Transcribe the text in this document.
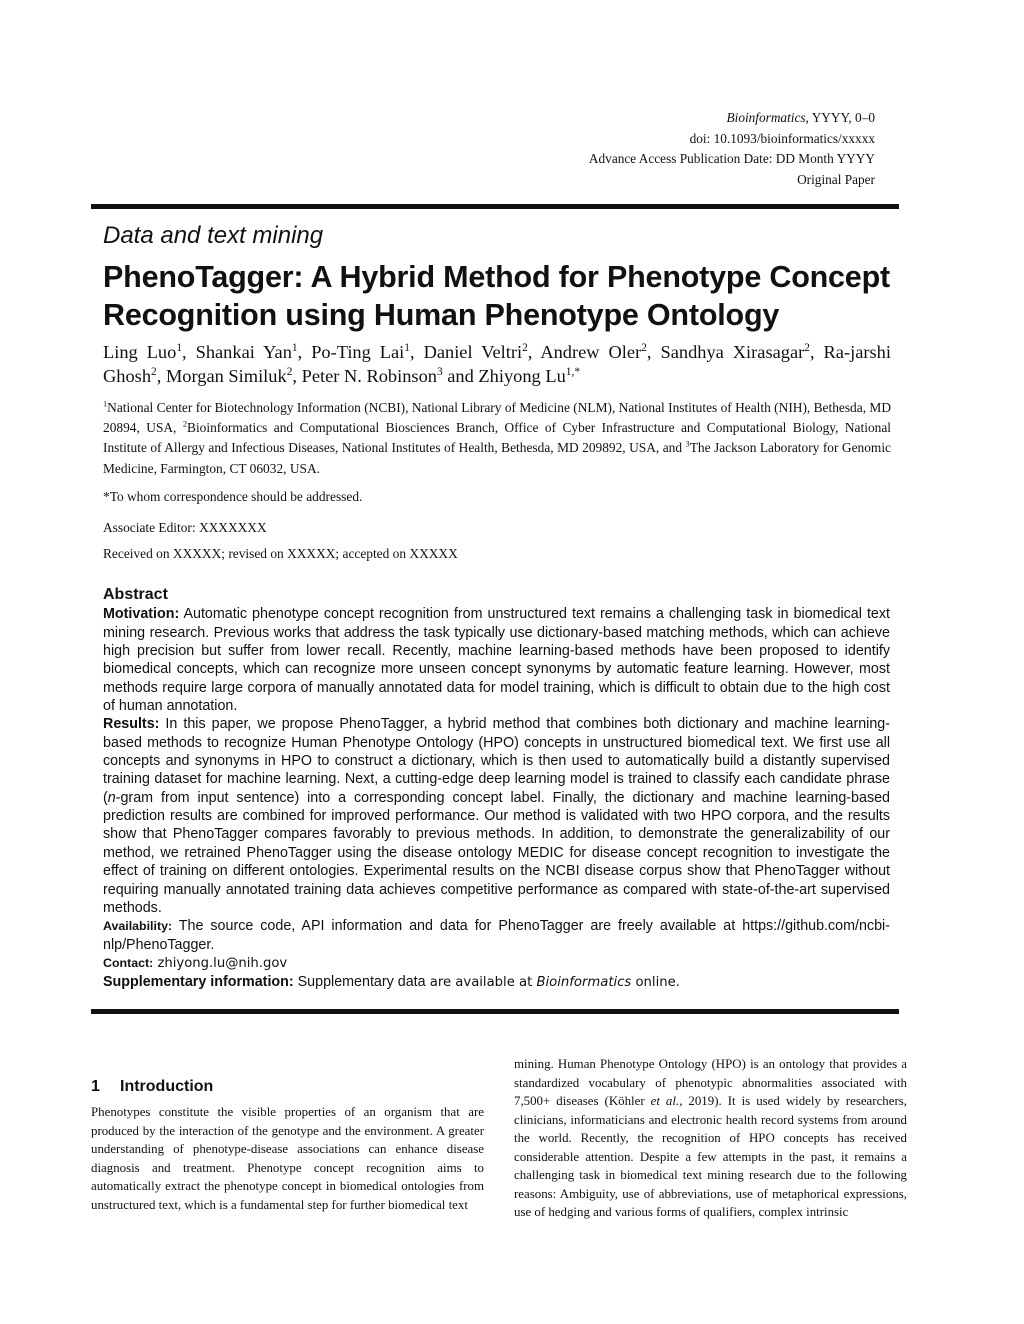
Bioinformatics, YYYY, 0–0
doi: 10.1093/bioinformatics/xxxxx
Advance Access Publication Date: DD Month YYYY
Original Paper
Data and text mining
PhenoTagger: A Hybrid Method for Phenotype Concept Recognition using Human Phenotype Ontology
Ling Luo$^1$, Shankai Yan$^1$, Po-Ting Lai$^1$, Daniel Veltri$^2$, Andrew Oler$^2$, Sandhya Xirasagar$^2$, Ra-jarshi Ghosh$^2$, Morgan Similuk$^2$, Peter N. Robinson$^3$ and Zhiyong $Lu^{1,*}$
$^1$National Center for Biotechnology Information (NCBI), National Library of Medicine (NLM), National Institutes of Health (NIH), Bethesda, MD 20894, USA, $^2$Bioinformatics and Computational Biosciences Branch, Office of Cyber Infrastructure and Computational Biology, National Institute of Allergy and Infectious Diseases, National Institutes of Health, Bethesda, MD 209892, USA, and $^3$The Jackson Laboratory for Genomic Medicine, Farmington, CT 06032, USA.
*To whom correspondence should be addressed.
Associate Editor: XXXXXXX
Received on XXXXX; revised on XXXXX; accepted on XXXXX
Abstract

Motivation: Automatic phenotype concept recognition from unstructured text remains a challenging task in biomedical text mining research. Previous works that address the task typically use dictionary-based matching methods, which can achieve high precision but suffer from lower recall. Recently, machine learning-based methods have been proposed to identify biomedical concepts, which can recognize more unseen concept synonyms by automatic feature learning. However, most methods require large corpora of manually annotated data for model training, which is difficult to obtain due to the high cost of human annotation.

Results: In this paper, we propose PhenoTagger, a hybrid method that combines both dictionary and machine learning-based methods to recognize Human Phenotype Ontology (HPO) concepts in unstructured biomedical text. We first use all concepts and synonyms in HPO to construct a dictionary, which is then used to automatically build a distantly supervised training dataset for machine learning. Next, a cutting-edge deep learning model is trained to classify each candidate phrase (n-gram from input sentence) into a corresponding concept label. Finally, the dictionary and machine learning-based prediction results are combined for improved performance. Our method is validated with two HPO corpora, and the results show that PhenoTagger compares favorably to previous methods. In addition, to demonstrate the generalizability of our method, we retrained PhenoTagger using the disease ontology MEDIC for disease concept recognition to investigate the effect of training on different ontologies. Experimental results on the NCBI disease corpus show that PhenoTagger without requiring manually annotated training data achieves competitive performance as compared with state-of-the-art supervised methods.

Availability: The source code, API information and data for PhenoTagger are freely available at https://github.com/ncbi-nlp/PhenoTagger.

Contact: zhiyong.lu@nih.gov

Supplementary information: Supplementary data are available at Bioinformatics online.

1 Introduction
Phenotypes constitute the visible properties of an organism that are produced by the interaction of the genotype and the environment. A greater understanding of phenotype-disease associations can enhance disease diagnosis and treatment. Phenotype concept recognition aims to automatically extract the phenotype concept in biomedical ontologies from unstructured text, which is a fundamental step for further biomedical text
mining. Human Phenotype Ontology (HPO) is an ontology that provides a standardized vocabulary of phenotypic abnormalities associated with 7,500+ diseases (Köhler et al., 2019). It is used widely by researchers, clinicians, informaticians and electronic health record systems from around the world. Recently, the recognition of HPO concepts has received considerable attention. Despite a few attempts in the past, it remains a challenging task in biomedical text mining research due to the following reasons: Ambiguity, use of abbreviations, use of metaphorical expressions, use of hedging and various forms of qualifiers, complex intrinsic
